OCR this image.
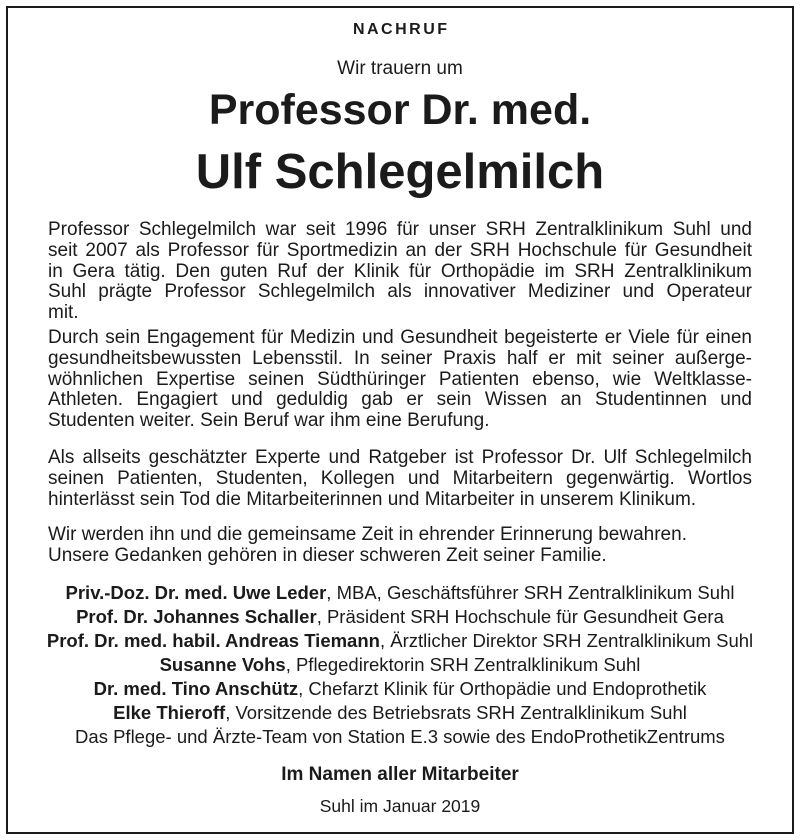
NACHRUF
Wir trauern um
Professor Dr. med.
Ulf Schlegelmilch
Professor Schlegelmilch war seit 1996 für unser SRH Zentralklinikum Suhl und
seit 2007 als Professor für Sportmedizin an der SRH Hochschule für Gesundheit
in Gera tätig. Den guten Ruf der Klinik für Orthopädie im SRH Zentralklinikum
Suhl prägte Professor Schlegelmilch als innovativer Mediziner und Operateur
mit.
Durch sein Engagement für Medizin und Gesundheit begeisterte er Viele für einen
gesundheitsbewussten Lebensstil. In seiner Praxis half er mit seiner außerge-
wöhnlichen Expertise seinen Südthüringer Patienten ebenso, wie Weltklasse-
Athleten. Engagiert und geduldig gab er sein Wissen an Studentinnen und
Studenten weiter. Sein Beruf war ihm eine Berufung.
Als allseits geschätzter Experte und Ratgeber ist Professor Dr. Ulf Schlegelmilch
seinen Patienten, Studenten, Kollegen und Mitarbeitern gegenwärtig. Wortlos
hinterlässt sein Tod die Mitarbeiterinnen und Mitarbeiter in unserem Klinikum.
Wir werden ihn und die gemeinsame Zeit in ehrender Erinnerung bewahren.
Unsere Gedanken gehören in dieser schweren Zeit seiner Familie.
Priv.-Doz. Dr. med. Uwe Leder, MBA, Geschäftsführer SRH Zentralklinikum Suhl
Prof. Dr. Johannes Schaller, Präsident SRH Hochschule für Gesundheit Gera
Prof. Dr. med. habil. Andreas Tiemann, Ärztlicher Direktor SRH Zentralklinikum Suhl
Susanne Vohs, Pflegedirektorin SRH Zentralklinikum Suhl
Dr. med. Tino Anschütz, Chefarzt Klinik für Orthopädie und Endoprothetik
Elke Thieroff, Vorsitzende des Betriebsrats SRH Zentralklinikum Suhl
Das Pflege- und Ärzte-Team von Station E.3 sowie des EndoProthetikZentrums
Im Namen aller Mitarbeiter
Suhl im Januar 2019
